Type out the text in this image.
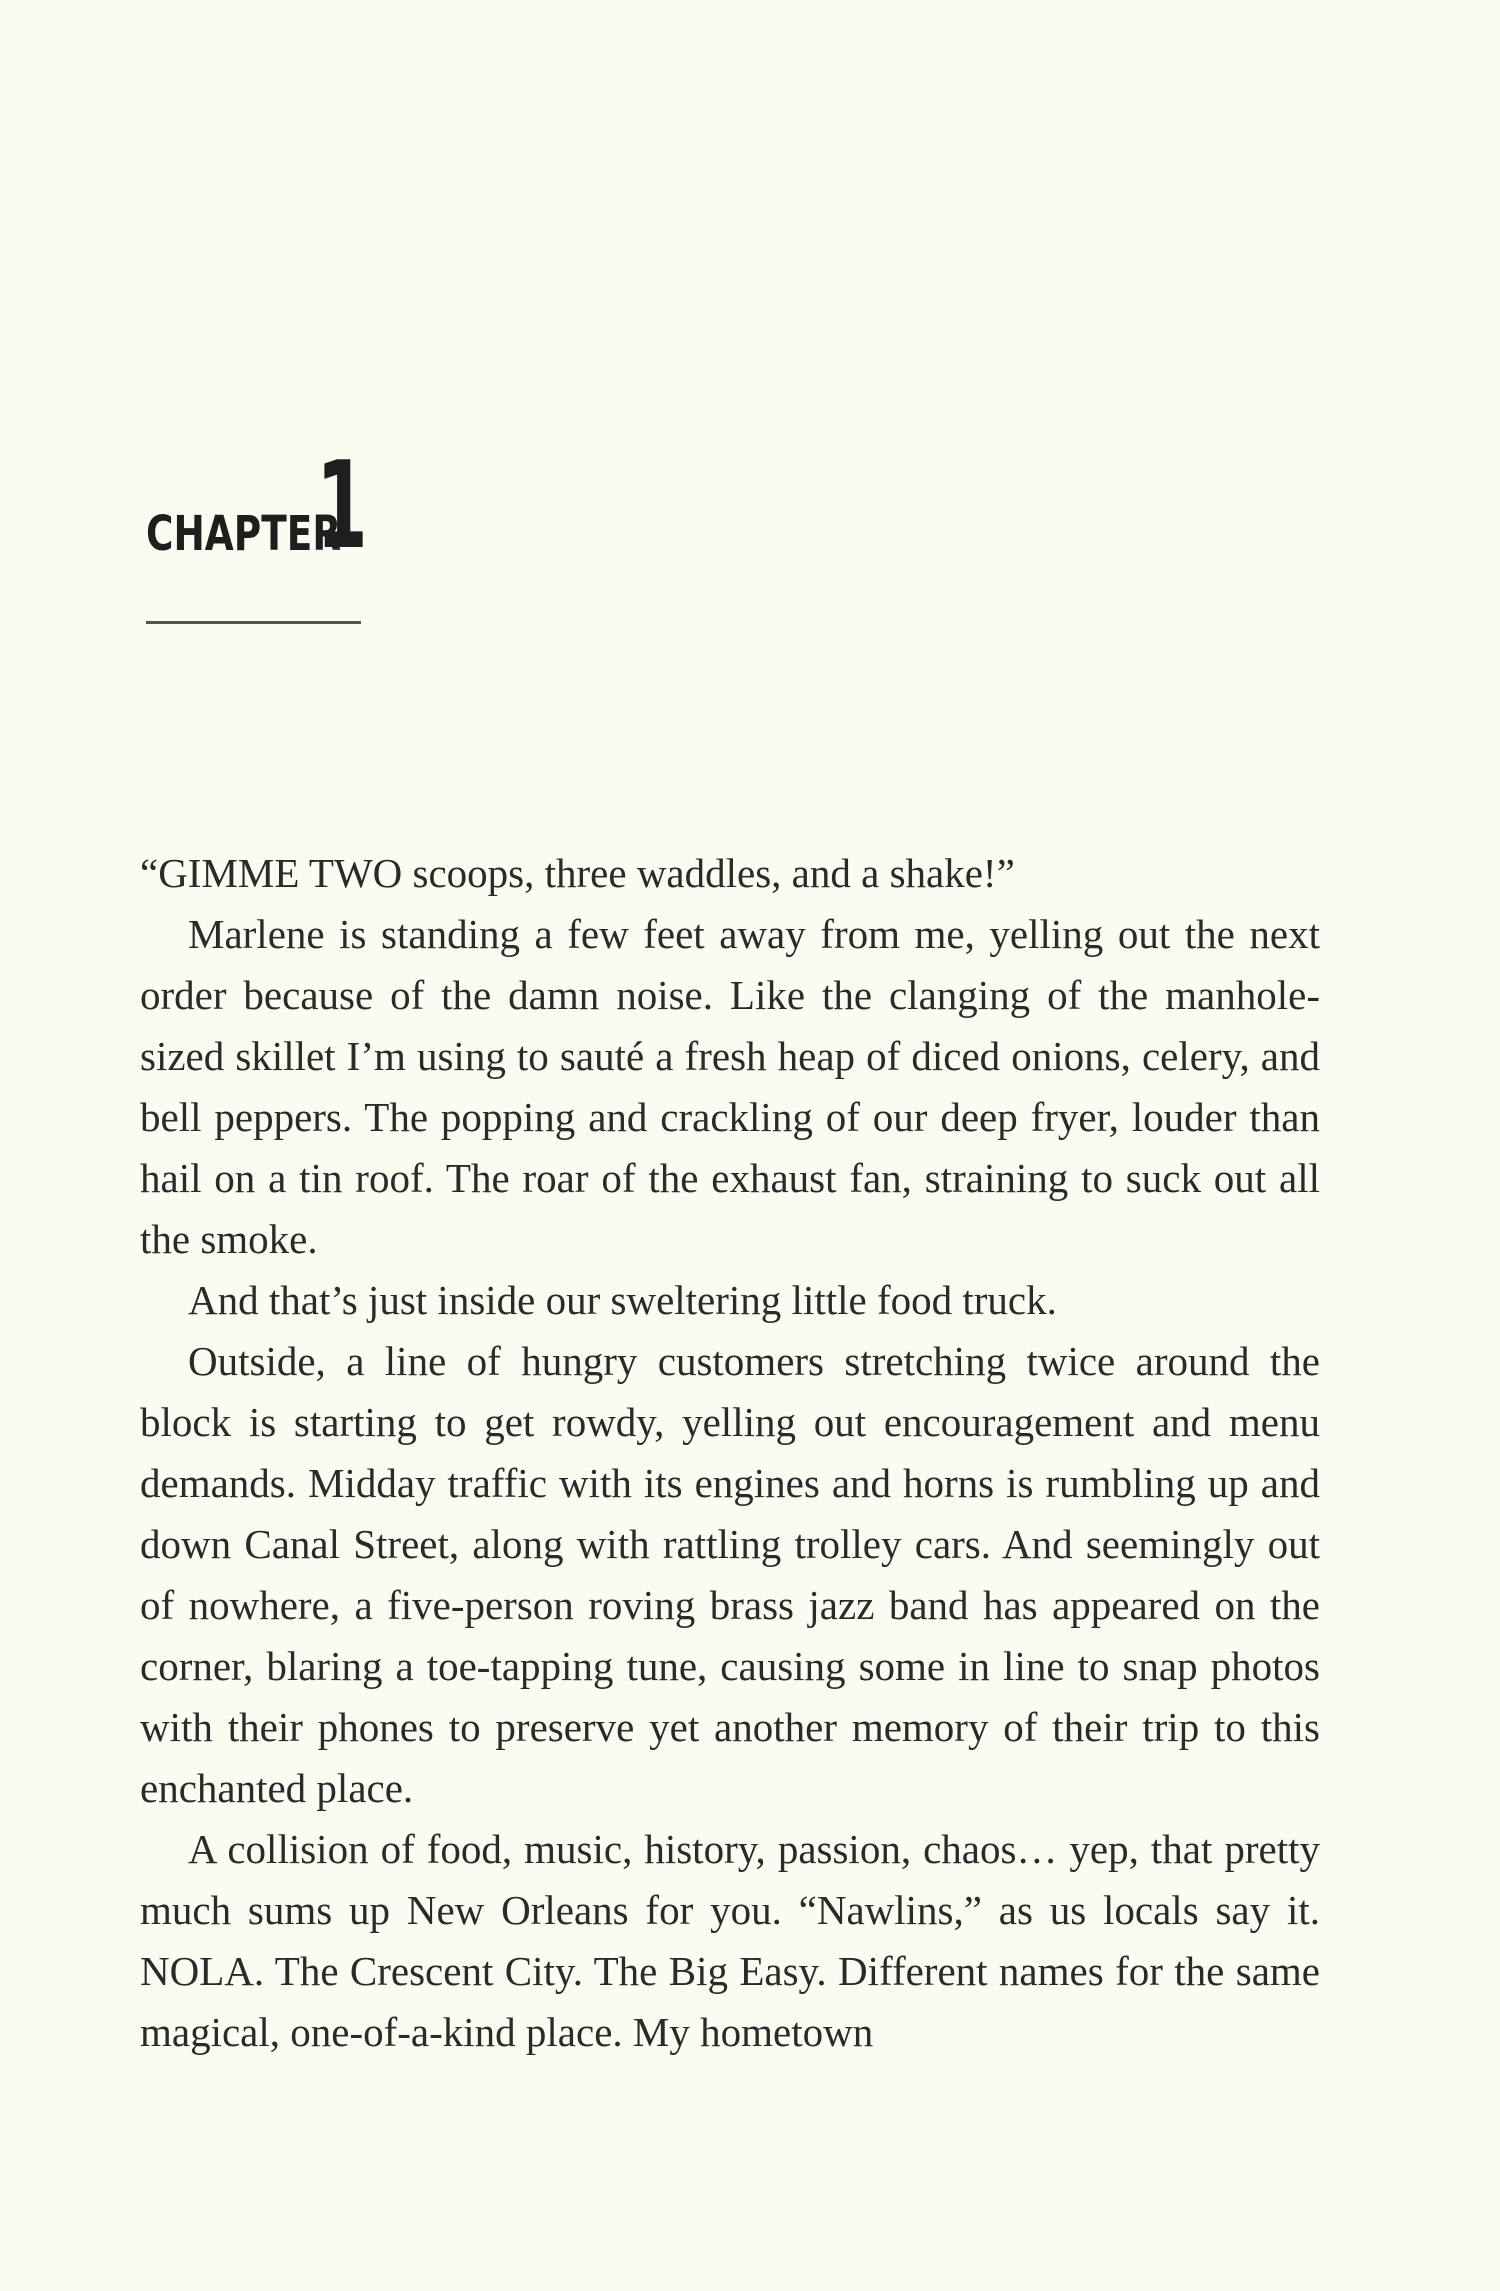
CHAPTER
1

“GIMME TWO scoops, three waddles, and a shake!”

Marlene is standing a few feet away from me, yelling out the next order because of the damn noise. Like the clanging of the manhole-sized skillet I’m using to sauté a fresh heap of diced onions, celery, and bell peppers. The popping and crackling of our deep fryer, louder than hail on a tin roof. The roar of the exhaust fan, straining to suck out all the smoke.

And that’s just inside our sweltering little food truck.

Outside, a line of hungry customers stretching twice around the block is starting to get rowdy, yelling out encouragement and menu demands. Midday traffic with its engines and horns is rumbling up and down Canal Street, along with rattling trolley cars. And seemingly out of nowhere, a five-person roving brass jazz band has appeared on the corner, blaring a toe-tapping tune, causing some in line to snap photos with their phones to preserve yet another memory of their trip to this enchanted place.

A collision of food, music, history, passion, chaos… yep, that pretty much sums up New Orleans for you. “Nawlins,” as us locals say it. NOLA. The Crescent City. The Big Easy. Different names for the same magical, one-of-a-kind place. My hometown
